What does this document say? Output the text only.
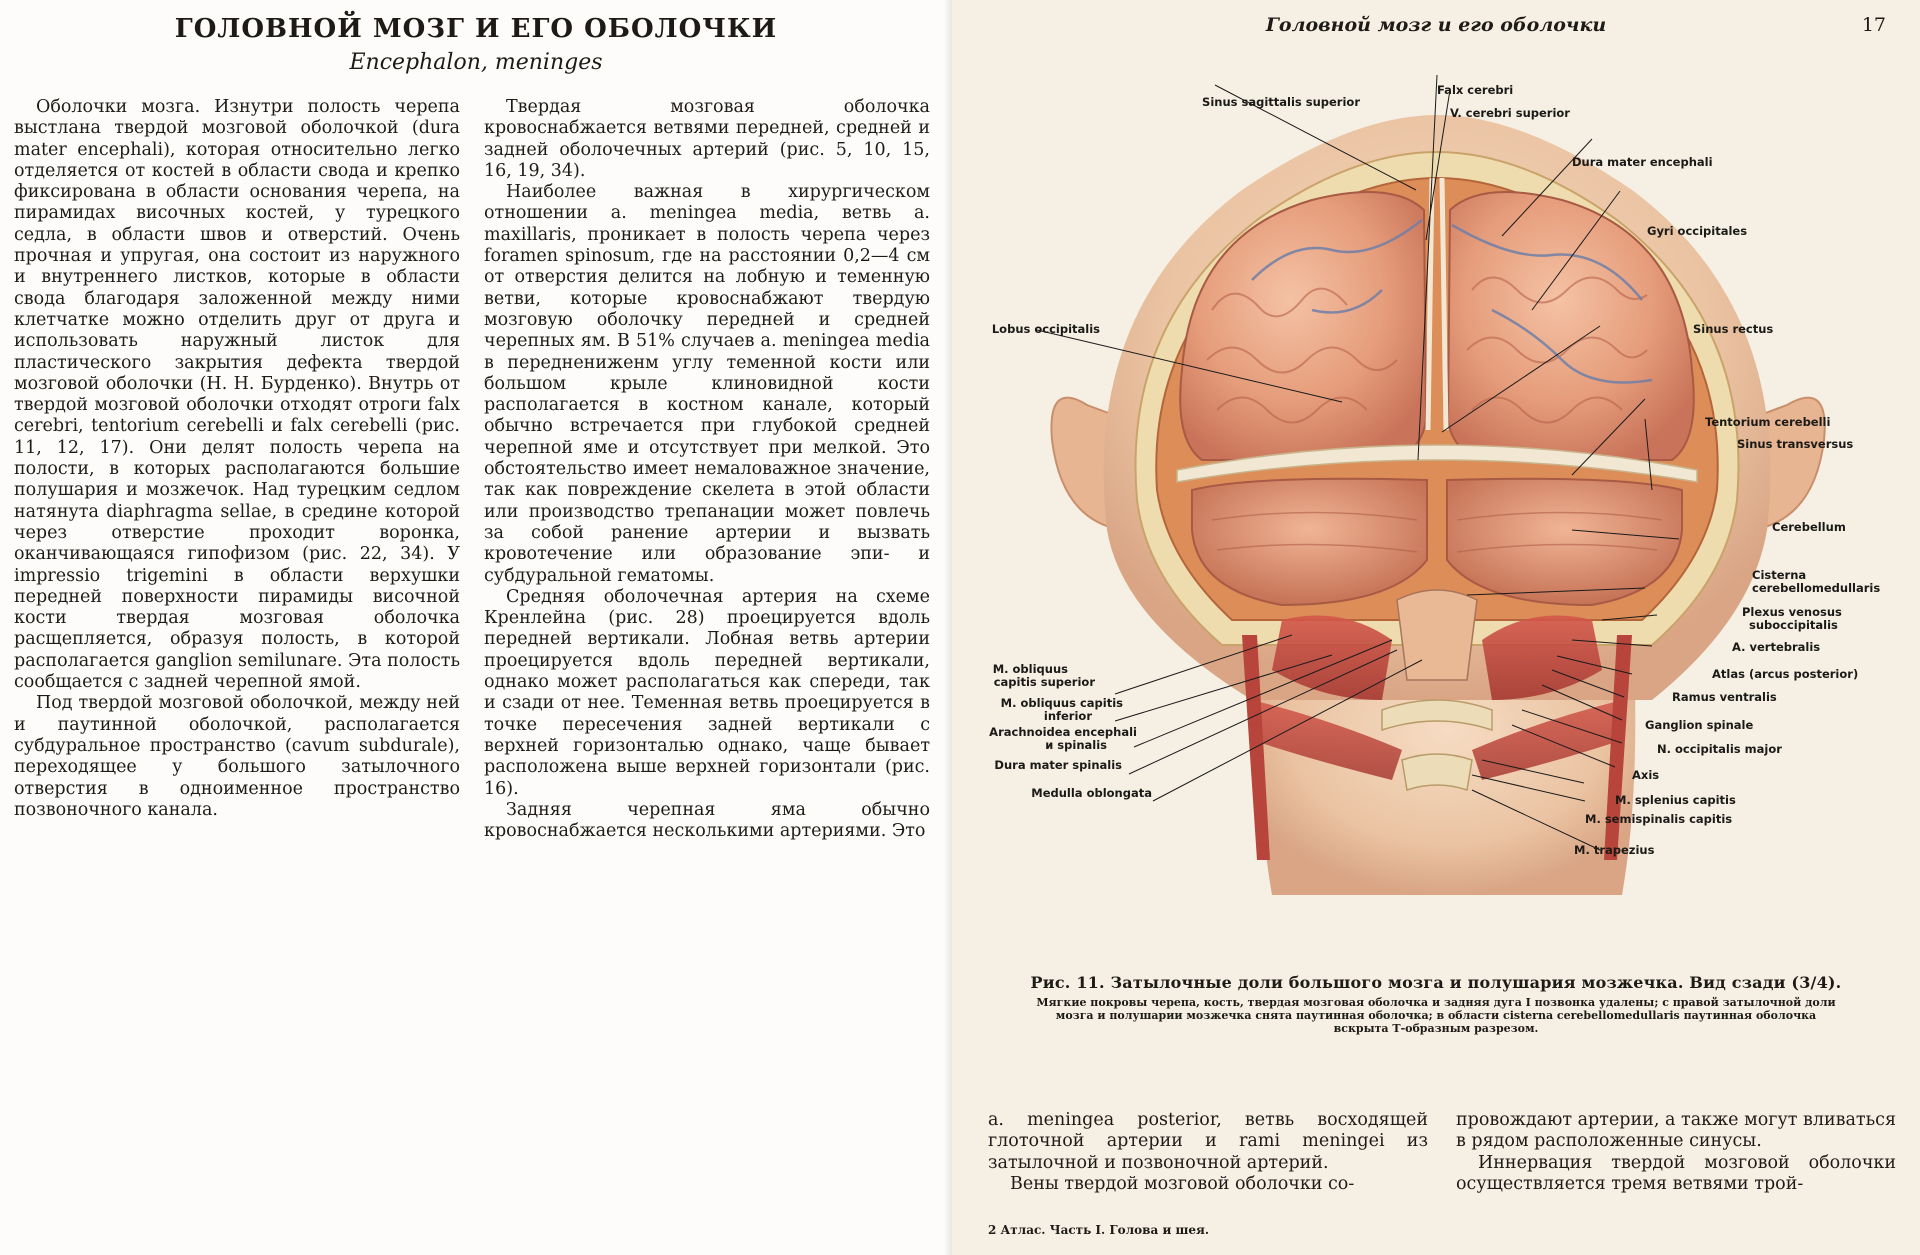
ГОЛОВНОЙ МОЗГ И ЕГО ОБОЛОЧКИ
Encephalon, meninges

Оболочки мозга. Изнутри полость черепа выстлана твердой мозговой оболочкой (dura mater encephali), которая относительно легко отделяется от костей в области свода и крепко фиксирована в области основания черепа, на пирамидах височных костей, у турецкого седла, в области швов и отверстий. Очень прочная и упругая, она состоит из наружного и внутреннего листков, которые в области свода благодаря заложенной между ними клетчатке можно отделить друг от друга и использовать наружный листок для пластического закрытия дефекта твердой мозговой оболочки (Н. Н. Бурденко). Внутрь от твердой мозговой оболочки отходят отроги falx cerebri, tentorium cerebelli и falx cerebelli (рис. 11, 12, 17). Они делят полость черепа на полости, в которых располагаются большие полушария и мозжечок. Над турецким седлом натянута diaphragma sellae, в средине которой через отверстие проходит воронка, оканчивающаяся гипофизом (рис. 22, 34). У impressio trigemini в области верхушки передней поверхности пирамиды височной кости твердая мозговая оболочка расщепляется, образуя полость, в которой располагается ganglion semilunare. Эта полость сообщается с задней черепной ямой.

Под твердой мозговой оболочкой, между ней и паутинной оболочкой, располагается субдуральное пространство (cavum subdurale), переходящее у большого затылочного отверстия в одноименное пространство позвоночного канала.

Твердая мозговая оболочка кровоснабжается ветвями передней, средней и задней оболочечных артерий (рис. 5, 10, 15, 16, 19, 34).

Наиболее важная в хирургическом отношении a. meningea media, ветвь a. maxillaris, проникает в полость черепа через foramen spinosum, где на расстоянии 0,2—4 см от отверстия делится на лобную и теменную ветви, которые кровоснабжают твердую мозговую оболочку передней и средней черепных ям. В 51% случаев a. meningea media в переднениженм углу теменной кости или большом крыле клиновидной кости располагается в костном канале, который обычно встречается при глубокой средней черепной яме и отсутствует при мелкой. Это обстоятельство имеет немаловажное значение, так как повреждение скелета в этой области или производство трепанации может повлечь за собой ранение артерии и вызвать кровотечение или образование эпи- и субдуральной гематомы.

Средняя оболочечная артерия на схеме Кренлейна (рис. 28) проецируется вдоль передней вертикали. Лобная ветвь артерии проецируется вдоль передней вертикали, однако может располагаться как спереди, так и сзади от нее. Теменная ветвь проецируется в точке пересечения задней вертикали с верхней горизонталью однако, чаще бывает расположена выше верхней горизонтали (рис. 16).

Задняя черепная яма обычно кровоснабжается несколькими артериями. Это

Головной мозг и его оболочки	17
Falx cerebri
Sinus sagittalis superior
V. cerebri superior
Dura mater encephali
Gyri occipitales
Lobus occipitalis	Sinus rectus
Tentorium cerebelli
Sinus transversus
Cerebellum
Cisterna
cerebellomedullaris
Plexus venosus
suboccipitalis
A. vertebralis
Atlas (arcus posterior)
Ramus ventralis
Ganglion spinale
N. occipitalis major
Axis
M. splenius capitis
M. semispinalis capitis
M. trapezius
M. obliquus
capitis superior
M. obliquus capitis
inferior
Arachnoidea encephali
и spinalis
Dura mater spinalis
Medulla oblongata
Рис. 11. Затылочные доли большого мозга и полушария мозжечка. Вид сзади (3/4).
Мягкие покровы черепа, кость, твердая мозговая оболочка и задняя дуга I позвонка удалены; с правой затылочной доли мозга и полушарии мозжечка снята паутинная оболочка; в области cisterna cerebellomedullaris паутинная оболочка вскрыта Т-образным разрезом.

a. meningea posterior, ветвь восходящей глоточной артерии и rami meningei из затылочной и позвоночной артерий.

Вены твердой мозговой оболочки со-

провождают артерии, а также могут вливаться в рядом расположенные синусы.

Иннервация твердой мозговой оболочки осуществляется тремя ветвями трой-

2 Атлас. Часть I. Голова и шея.
